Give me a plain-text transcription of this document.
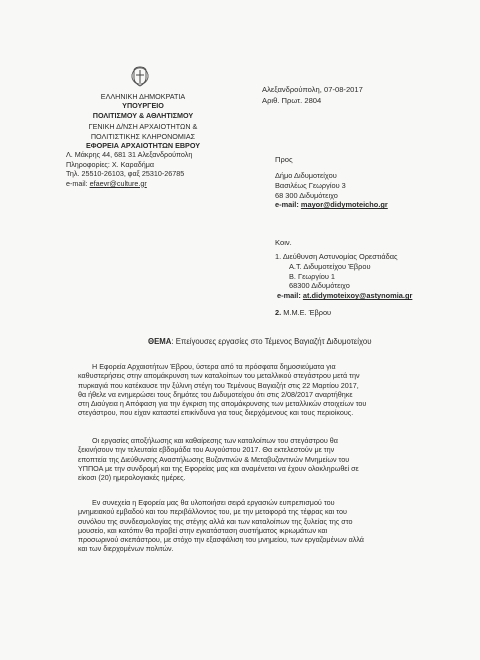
ΕΛΛΗΝΙΚΗ ΔΗΜΟΚΡΑΤΙΑ
ΥΠΟΥΡΓΕΙΟ
ΠΟΛΙΤΙΣΜΟΥ & ΑΘΛΗΤΙΣΜΟΥ
ΓΕΝΙΚΗ Δ/ΝΣΗ ΑΡΧΑΙΟΤΗΤΩΝ &
ΠΟΛΙΤΙΣΤΙΚΗΣ ΚΛΗΡΟΝΟΜΙΑΣ
ΕΦΟΡΕΙΑ ΑΡΧΑΙΟΤΗΤΩΝ ΕΒΡΟΥ
Λ. Μάκρης 44, 681 31 Αλεξανδρούπολη
Πληροφορίες: Χ. Καραδήμα
Τηλ. 25510-26103, φαξ 25310-26785
e-mail: efaevr@culture.gr
Αλεξανδρούπολη, 07-08-2017
Αριθ. Πρωτ. 2804
Προς
Δήμο Διδυμοτείχου
Βασιλέως Γεωργίου 3
68 300 Διδυμότειχο
e-mail: mayor@didymoteicho.gr
Κοιν.
1. Διεύθυνση Αστυνομίας Ορεστιάδας
Α.Τ. Διδυμοτείχου Έβρου
Β. Γεωργίου 1
68300 Διδυμότειχο
e-mail: at.didymoteixoy@astynomia.gr
2. Μ.Μ.Ε. Έβρου
ΘΕΜΑ: Επείγουσες εργασίες στο Τέμενος Βαγιαζήτ Διδυμοτείχου
Η Εφορεία Αρχαιοτήτων Έβρου, ύστερα από τα πρόσφατα δημοσιεύματα για
καθυστερήσεις στην απομάκρυνση των καταλοίπων του μεταλλικού στεγάστρου μετά την
πυρκαγιά που κατέκαυσε την ξύλινη στέγη του Τεμένους Βαγιαζήτ στις 22 Μαρτίου 2017,
θα ήθελε να ενημερώσει τους δημότες του Διδυμοτείχου ότι στις 2/08/2017 αναρτήθηκε
στη Διαύγεια η Απόφαση για την έγκριση της απομάκρυνσης των μεταλλικών στοιχείων του
στεγάστρου, που είχαν καταστεί επικίνδυνα για τους διερχόμενους και τους περιοίκους.
Οι εργασίες αποξήλωσης και καθαίρεσης των καταλοίπων του στεγάστρου θα
ξεκινήσουν την τελευταία εβδομάδα του Αυγούστου 2017. Θα εκτελεστούν με την
εποπτεία της Διεύθυνσης Αναστήλωσης Βυζαντινών & Μεταβυζαντινών Μνημείων του
ΥΠΠΟΑ με την συνδρομή και της Εφορείας μας και αναμένεται να έχουν ολοκληρωθεί σε
είκοσι (20) ημερολογιακές ημέρες.
Εν συνεχεία η Εφορεία μας θα υλοποιήσει σειρά εργασιών ευπρεπισμού του
μνημειακού εμβαδού και του περιβάλλοντος του, με την μεταφορά της τέφρας και του
συνόλου της συνδεσμολογίας της στέγης αλλά και των καταλοίπων της ξυλείας της στο
μουσείο, και κατόπιν θα προβεί στην εγκατάσταση συστήματος ικριωμάτων και
προσωρινού σκεπάστρου, με στόχο την εξασφάλιση του μνημείου, των εργαζομένων αλλά
και των διερχομένων πολιτών.
